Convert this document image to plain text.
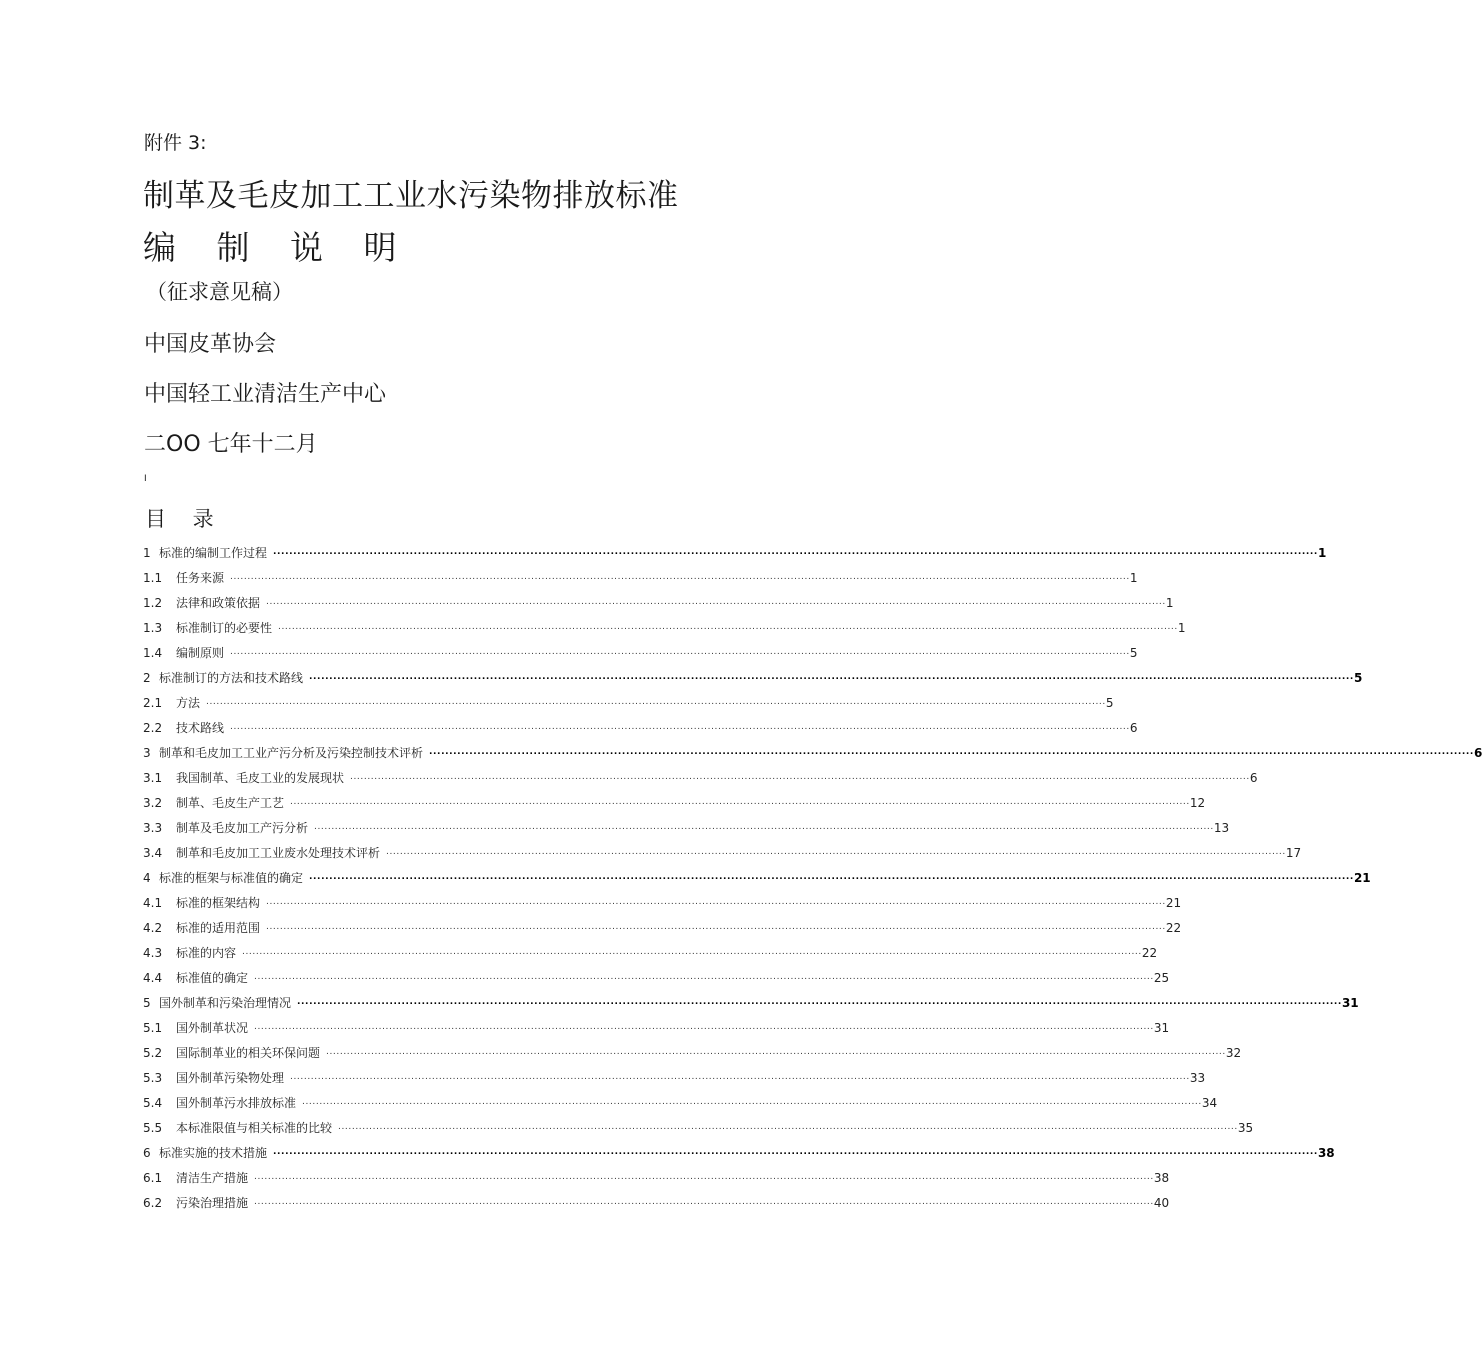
附件 3:
制革及毛皮加工工业水污染物排放标准
编 制 说 明
（征求意见稿）
中国皮革协会
中国轻工业清洁生产中心
二OO 七年十二月
I
目 录
1 标准的编制工作过程 .................................................................................................................................................................................................................................................................... 1
1.1	任务来源 .................................................................................................................................................................................................................................................................... 1
1.2	法律和政策依据 .................................................................................................................................................................................................................................................................... 1
1.3	标准制订的必要性 .................................................................................................................................................................................................................................................................... 1
1.4	编制原则 .................................................................................................................................................................................................................................................................... 5
2 标准制订的方法和技术路线 .................................................................................................................................................................................................................................................................... 5
2.1	方法 .................................................................................................................................................................................................................................................................... 5
2.2	技术路线 .................................................................................................................................................................................................................................................................... 6
3 制革和毛皮加工工业产污分析及污染控制技术评析 .................................................................................................................................................................................................................................................................... 6
3.1	我国制革、毛皮工业的发展现状 .................................................................................................................................................................................................................................................................... 6
3.2	制革、毛皮生产工艺 .................................................................................................................................................................................................................................................................... 12
3.3	制革及毛皮加工产污分析 .................................................................................................................................................................................................................................................................... 13
3.4	制革和毛皮加工工业废水处理技术评析 .................................................................................................................................................................................................................................................................... 17
4 标准的框架与标准值的确定 .................................................................................................................................................................................................................................................................... 21
4.1	标准的框架结构 .................................................................................................................................................................................................................................................................... 21
4.2	标准的适用范围 .................................................................................................................................................................................................................................................................... 22
4.3	标准的内容 .................................................................................................................................................................................................................................................................... 22
4.4	标准值的确定 .................................................................................................................................................................................................................................................................... 25
5 国外制革和污染治理情况 .................................................................................................................................................................................................................................................................... 31
5.1	国外制革状况 .................................................................................................................................................................................................................................................................... 31
5.2	国际制革业的相关环保问题 .................................................................................................................................................................................................................................................................... 32
5.3	国外制革污染物处理 .................................................................................................................................................................................................................................................................... 33
5.4	国外制革污水排放标准 .................................................................................................................................................................................................................................................................... 34
5.5	本标准限值与相关标准的比较 .................................................................................................................................................................................................................................................................... 35
6 标准实施的技术措施 .................................................................................................................................................................................................................................................................... 38
6.1	清洁生产措施 .................................................................................................................................................................................................................................................................... 38
6.2	污染治理措施 .................................................................................................................................................................................................................................................................... 40
